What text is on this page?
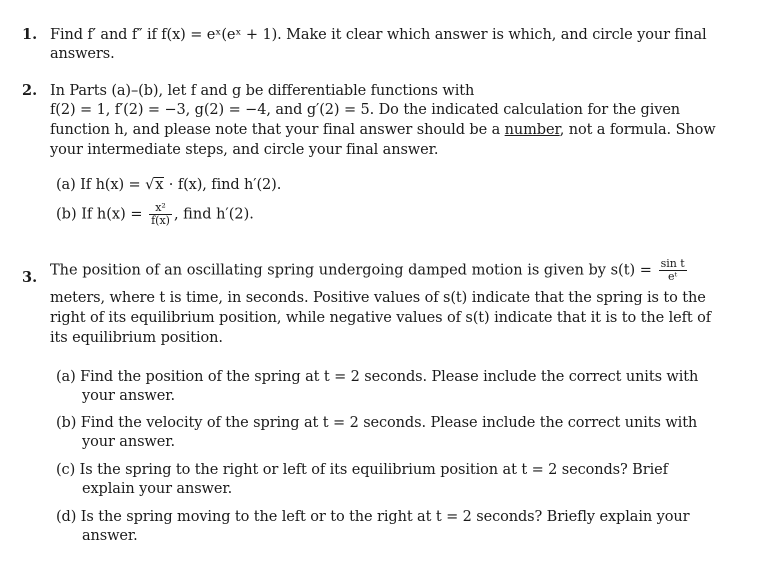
1. Find f′ and f″ if f(x) = eˣ(eˣ + 1). Make it clear which answer is which, and circle your final
answers.
2. In Parts (a)–(b), let f and g be differentiable functions with
f(2) = 1, f′(2) = −3, g(2) = −4, and g′(2) = 5. Do the indicated calculation for the given
function h, and please note that your final answer should be a number, not a formula. Show
your intermediate steps, and circle your final answer.
(a) If h(x) = √x · f(x), find h′(2).
(b) If $h(x) = \frac{\text{x²}}{f(x)}$ , find h′(2).
3. The position of an oscillating spring undergoing damped motion is given by $s(t) = \frac{\text{sin t}}{\text{eᵗ}}$
meters, where t is time, in seconds. Positive values of s(t) indicate that the spring is to the
right of its equilibrium position, while negative values of s(t) indicate that it is to the left of
its equilibrium position.
(a) Find the position of the spring at t = 2 seconds. Please include the correct units with
your answer.
(b) Find the velocity of the spring at t = 2 seconds. Please include the correct units with
your answer.
(c) Is the spring to the right or left of its equilibrium position at t = 2 seconds? Brief
explain your answer.
(d) Is the spring moving to the left or to the right at t = 2 seconds? Briefly explain your
answer.
